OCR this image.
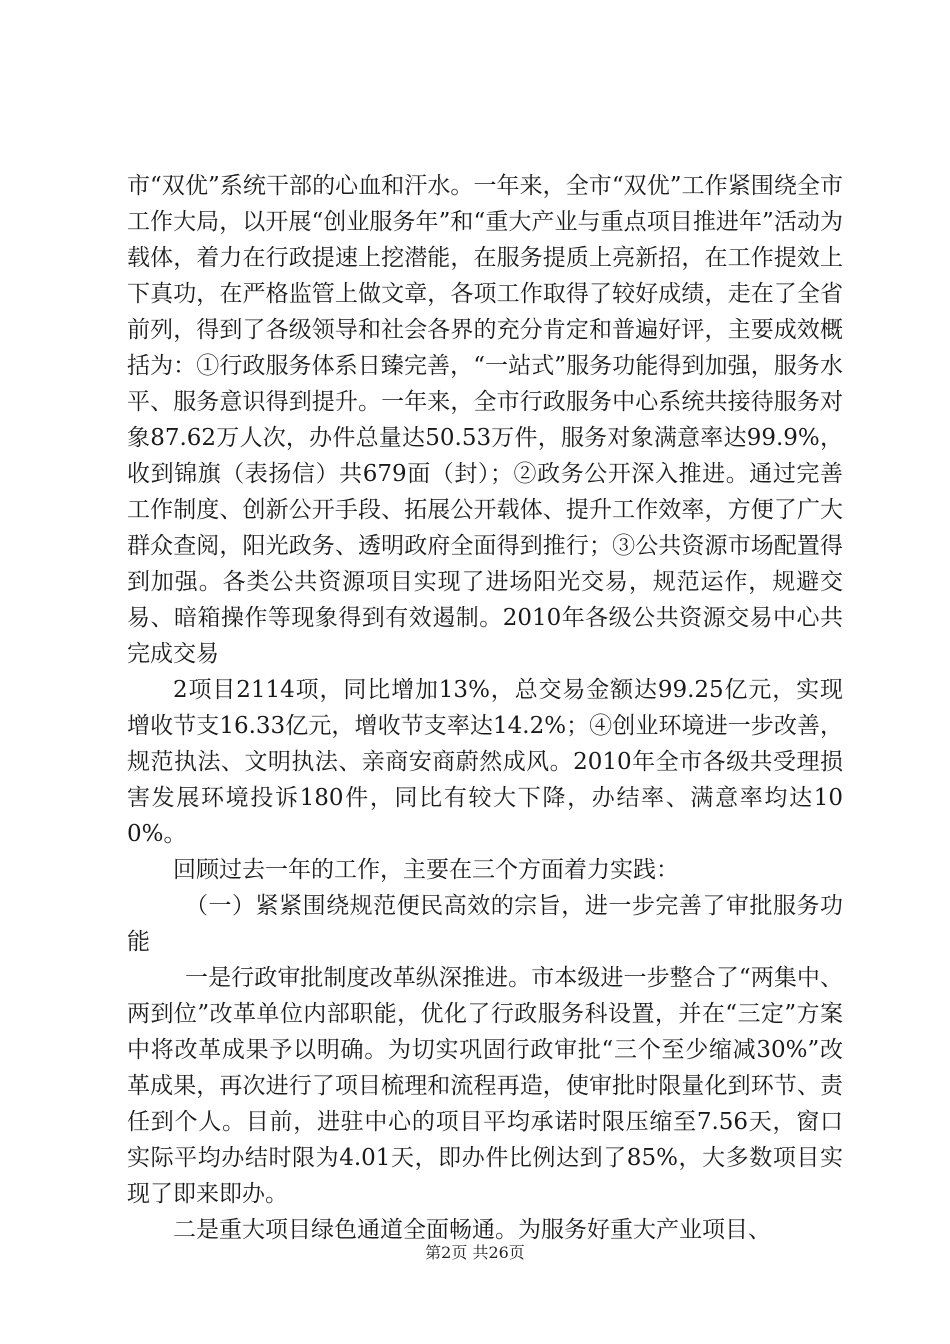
市“双优”系统干部的心血和汗水。一年来，全市“双优”工作紧围绕全市工作大局，以开展“创业服务年”和“重大产业与重点项目推进年”活动为载体，着力在行政提速上挖潜能，在服务提质上亮新招，在工作提效上下真功，在严格监管上做文章，各项工作取得了较好成绩，走在了全省前列，得到了各级领导和社会各界的充分肯定和普遍好评，主要成效概括为：①行政服务体系日臻完善，“一站式”服务功能得到加强，服务水平、服务意识得到提升。一年来，全市行政服务中心系统共接待服务对象87.62万人次，办件总量达50.53万件，服务对象满意率达99.9%，收到锦旗（表扬信）共679面（封）；②政务公开深入推进。通过完善工作制度、创新公开手段、拓展公开载体、提升工作效率，方便了广大群众查阅，阳光政务、透明政府全面得到推行；③公共资源市场配置得到加强。各类公共资源项目实现了进场阳光交易，规范运作，规避交易、暗箱操作等现象得到有效遏制。2010年各级公共资源交易中心共完成交易

2项目2114项，同比增加13%，总交易金额达99.25亿元，实现增收节支16.33亿元，增收节支率达14.2%；④创业环境进一步改善，规范执法、文明执法、亲商安商蔚然成风。2010年全市各级共受理损害发展环境投诉180件，同比有较大下降，办结率、满意率均达100%。

回顾过去一年的工作，主要在三个方面着力实践：

（一）紧紧围绕规范便民高效的宗旨，进一步完善了审批服务功能

一是行政审批制度改革纵深推进。市本级进一步整合了“两集中、两到位”改革单位内部职能，优化了行政服务科设置，并在“三定”方案中将改革成果予以明确。为切实巩固行政审批“三个至少缩减30%”改革成果，再次进行了项目梳理和流程再造，使审批时限量化到环节、责任到个人。目前，进驻中心的项目平均承诺时限压缩至7.56天，窗口实际平均办结时限为4.01天，即办件比例达到了85%，大多数项目实现了即来即办。

二是重大项目绿色通道全面畅通。为服务好重大产业项目、

第2页 共26页
